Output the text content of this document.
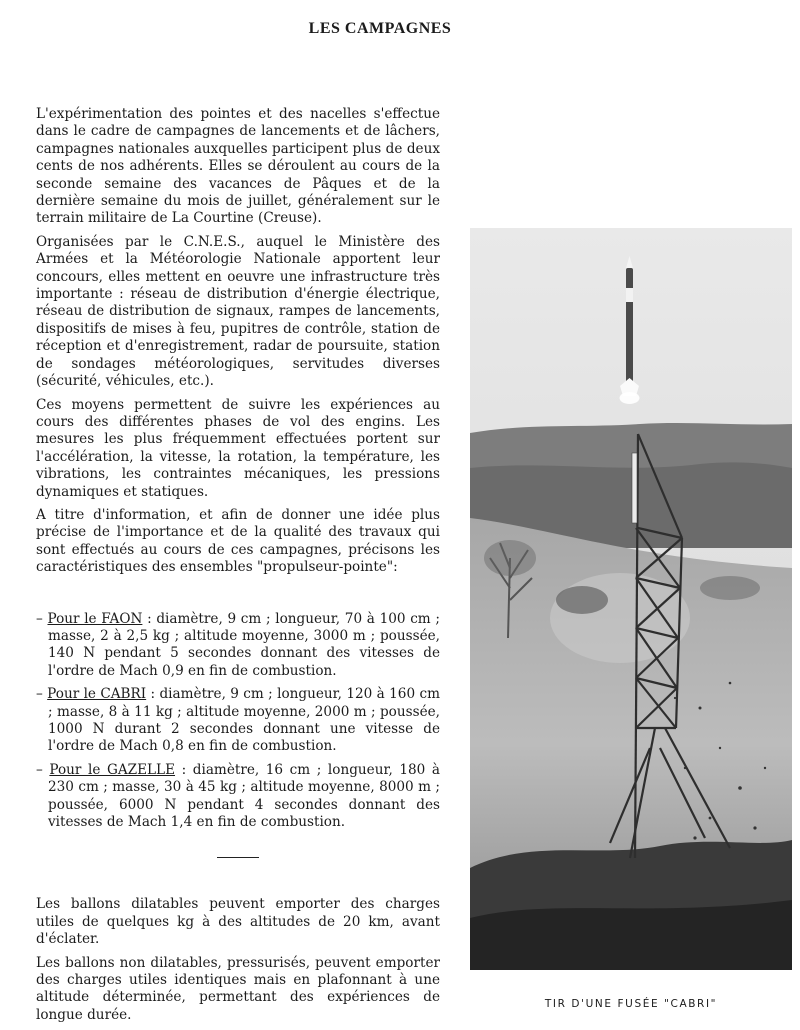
LES CAMPAGNES

L'expérimentation des pointes et des nacelles s'effectue dans le cadre de campagnes de lancements et de lâchers, campagnes nationales auxquelles participent plus de deux cents de nos adhérents. Elles se déroulent au cours de la seconde semaine des vacances de Pâques et de la dernière semaine du mois de juillet, généralement sur le terrain militaire de La Courtine (Creuse).

Organisées par le C.N.E.S., auquel le Ministère des Armées et la Météorologie Nationale apportent leur concours, elles mettent en oeuvre une infrastructure très importante : réseau de distribution d'énergie électrique, réseau de distribution de signaux, rampes de lancements, dispositifs de mises à feu, pupitres de contrôle, station de réception et d'enregistrement, radar de poursuite, station de sondages météorologiques, servitudes diverses (sécurité, véhicules, etc.).

Ces moyens permettent de suivre les expériences au cours des différentes phases de vol des engins. Les mesures les plus fréquemment effectuées portent sur l'accélération, la vitesse, la rotation, la température, les vibrations, les contraintes mécaniques, les pressions dynamiques et statiques.

A titre d'information, et afin de donner une idée plus précise de l'importance et de la qualité des travaux qui sont effectués au cours de ces campagnes, précisons les caractéristiques des ensembles "propulseur-pointe":

– Pour le FAON : diamètre, 9 cm ; longueur, 70 à 100 cm ; masse, 2 à 2,5 kg ; altitude moyenne, 3000 m ; poussée, 140 N pendant 5 secondes donnant des vitesses de l'ordre de Mach 0,9 en fin de combustion.

– Pour le CABRI : diamètre, 9 cm ; longueur, 120 à 160 cm ; masse, 8 à 11 kg ; altitude moyenne, 2000 m ; poussée, 1000 N durant 2 secondes donnant une vitesse de l'ordre de Mach 0,8 en fin de combustion.

– Pour le GAZELLE : diamètre, 16 cm ; longueur, 180 à 230 cm ; masse, 30 à 45 kg ; altitude moyenne, 8000 m ; poussée, 6000 N pendant 4 secondes donnant des vitesses de Mach 1,4 en fin de combustion.

Les ballons dilatables peuvent emporter des charges utiles de quelques kg à des altitudes de 20 km, avant d'éclater.

Les ballons non dilatables, pressurisés, peuvent emporter des charges utiles identiques mais en plafonnant à une altitude déterminée, permettant des expériences de longue durée.

TIR D'UNE FUSÉE "CABRI"
